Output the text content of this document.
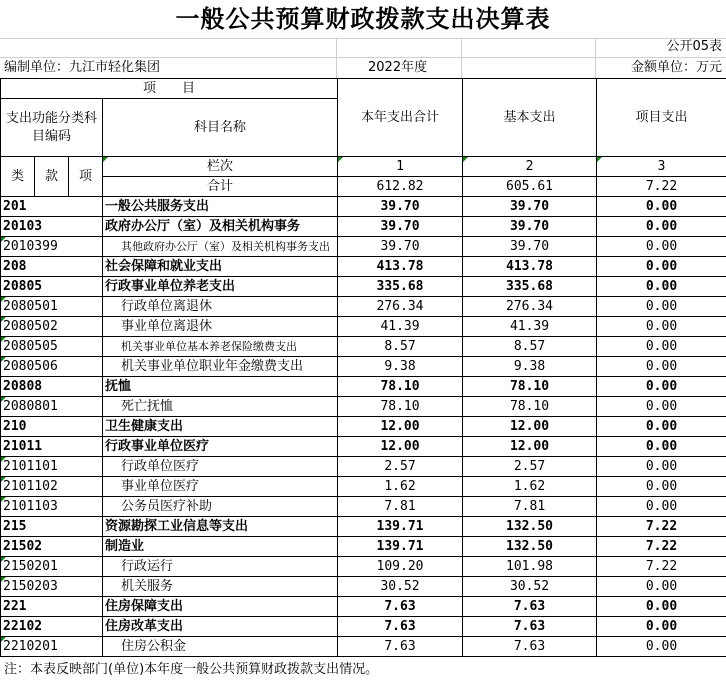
一般公共预算财政拨款支出决算表
公开05表
编制单位：九江市轻化集团	2022年度	金额单位：万元
项　　目				本年支出合计	基本支出	项目支出
支出功能分类科目编码			科目名称			

类	款	项	栏次	1	2	3
			合计	612.82	605.61	7.22
201			一般公共服务支出	39.70	39.70	0.00
20103			政府办公厅（室）及相关机构事务	39.70	39.70	0.00
2010399			其他政府办公厅（室）及相关机构事务支出	39.70	39.70	0.00
208			社会保障和就业支出	413.78	413.78	0.00
20805			行政事业单位养老支出	335.68	335.68	0.00
2080501			行政单位离退休	276.34	276.34	0.00
2080502			事业单位离退休	41.39	41.39	0.00
2080505			机关事业单位基本养老保险缴费支出	8.57	8.57	0.00
2080506			机关事业单位职业年金缴费支出	9.38	9.38	0.00
20808			抚恤	78.10	78.10	0.00
2080801			死亡抚恤	78.10	78.10	0.00
210			卫生健康支出	12.00	12.00	0.00
21011			行政事业单位医疗	12.00	12.00	0.00
2101101			行政单位医疗	2.57	2.57	0.00
2101102			事业单位医疗	1.62	1.62	0.00
2101103			公务员医疗补助	7.81	7.81	0.00
215			资源勘探工业信息等支出	139.71	132.50	7.22
21502			制造业	139.71	132.50	7.22
2150201			行政运行	109.20	101.98	7.22
2150203			机关服务	30.52	30.52	0.00
221			住房保障支出	7.63	7.63	0.00
22102			住房改革支出	7.63	7.63	0.00
2210201			住房公积金	7.63	7.63	0.00
注：本表反映部门(单位)本年度一般公共预算财政拨款支出情况。
